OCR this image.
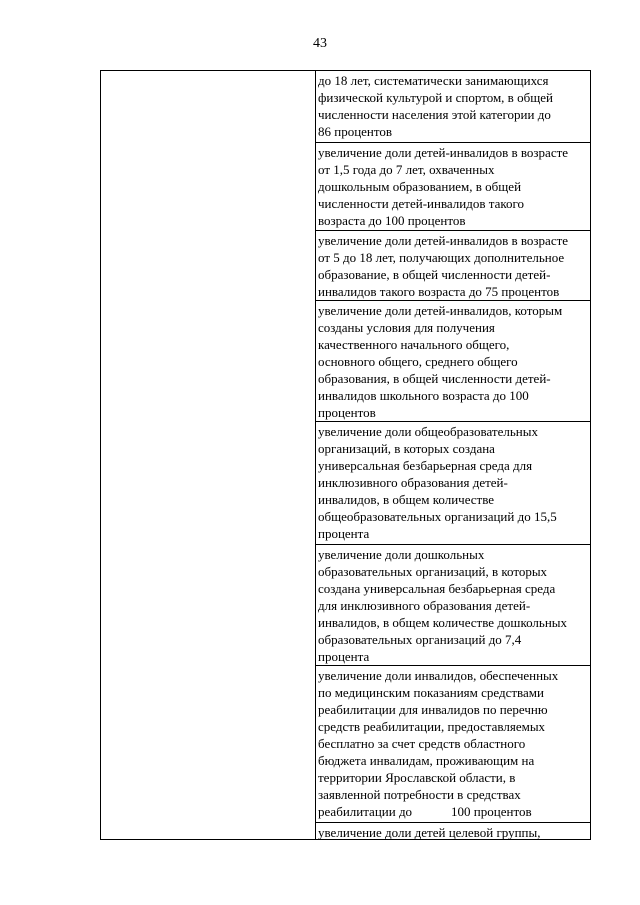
43
до 18 лет, систематически занимающихся
физической культурой и спортом, в общей
численности населения этой категории до
86 процентов
увеличение доли детей-инвалидов в возрасте
от 1,5 года до 7 лет, охваченных
дошкольным образованием, в общей
численности детей-инвалидов такого
возраста до 100 процентов
увеличение доли детей-инвалидов в возрасте
от 5 до 18 лет, получающих дополнительное
образование, в общей численности детей-
инвалидов такого возраста до 75 процентов
увеличение доли детей-инвалидов, которым
созданы условия для получения
качественного начального общего,
основного общего, среднего общего
образования, в общей численности детей-
инвалидов школьного возраста до 100
процентов
увеличение доли общеобразовательных
организаций, в которых создана
универсальная безбарьерная среда для
инклюзивного образования детей-
инвалидов, в общем количестве
общеобразовательных организаций до 15,5
процента
увеличение доли дошкольных
образовательных организаций, в которых
создана универсальная безбарьерная среда
для инклюзивного образования детей-
инвалидов, в общем количестве дошкольных
образовательных организаций до 7,4
процента
увеличение доли инвалидов, обеспеченных
по медицинским показаниям средствами
реабилитации для инвалидов по перечню
средств реабилитации, предоставляемых
бесплатно за счет средств областного
бюджета инвалидам, проживающим на
территории Ярославской области, в
заявленной потребности в средствах
реабилитации до            100 процентов
увеличение доли детей целевой группы,
